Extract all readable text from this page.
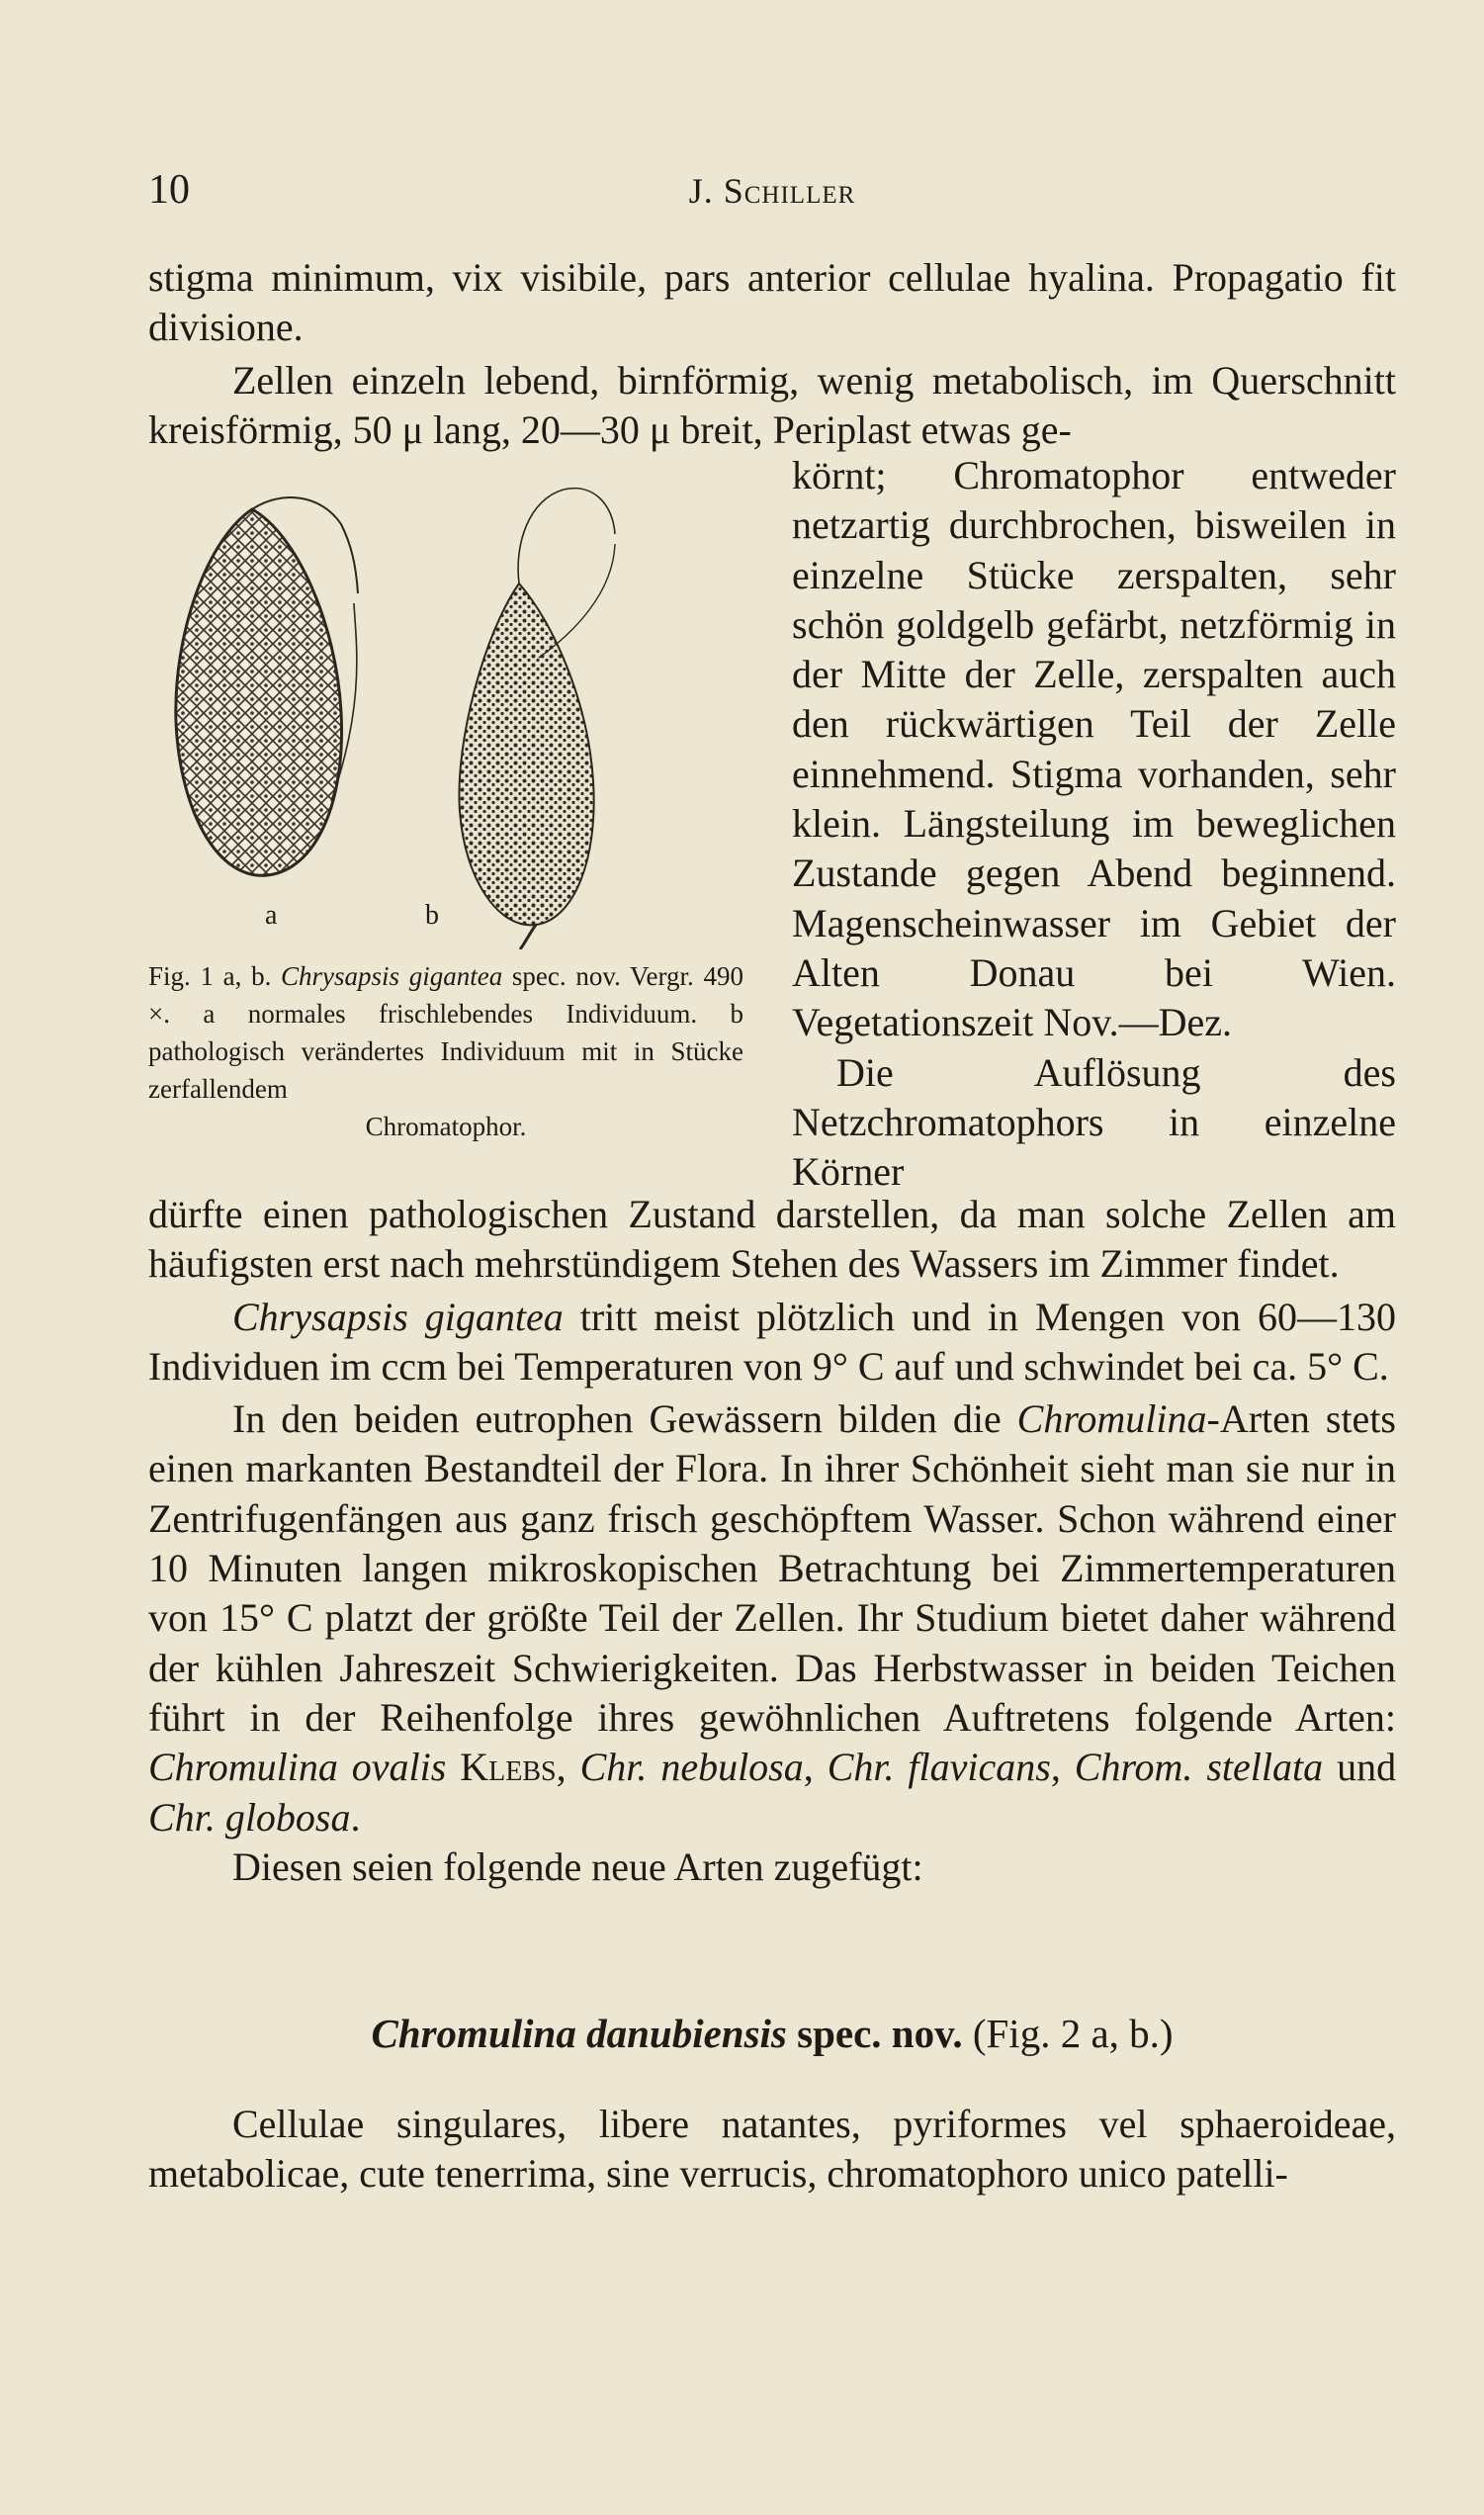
10	J. Schiller

stigma minimum, vix visibile, pars anterior cellulae hyalina. Propagatio fit divisione.

Zellen einzeln lebend, birnförmig, wenig metabolisch, im Querschnitt kreisförmig, 50 μ lang, 20—30 μ breit, Periplast etwas ge-

a	b

Fig. 1 a, b. Chrysapsis gigantea spec. nov. Vergr. 490 ×. a normales frischlebendes Individuum. b pathologisch verändertes Individuum mit in Stücke zerfallendem

Chromatophor.

körnt; Chromatophor entweder netzartig durchbrochen, bisweilen in einzelne Stücke zerspalten, sehr schön goldgelb gefärbt, netzförmig in der Mitte der Zelle, zerspalten auch den rückwärtigen Teil der Zelle einnehmend. Stigma vorhanden, sehr klein. Längsteilung im beweglichen Zustande gegen Abend beginnend. Magenscheinwasser im Gebiet der Alten Donau bei Wien. Vegetationszeit Nov.—Dez.

Die Auflösung des Netzchromatophors in einzelne Körner

dürfte einen pathologischen Zustand darstellen, da man solche Zellen am häufigsten erst nach mehrstündigem Stehen des Wassers im Zimmer findet.

Chrysapsis gigantea tritt meist plötzlich und in Mengen von 60—130 Individuen im ccm bei Temperaturen von 9° C auf und schwindet bei ca. 5° C.

In den beiden eutrophen Gewässern bilden die Chromulina-Arten stets einen markanten Bestandteil der Flora. In ihrer Schönheit sieht man sie nur in Zentrifugenfängen aus ganz frisch geschöpftem Wasser. Schon während einer 10 Minuten langen mikroskopischen Betrachtung bei Zimmertemperaturen von 15° C platzt der größte Teil der Zellen. Ihr Studium bietet daher während der kühlen Jahreszeit Schwierigkeiten. Das Herbstwasser in beiden Teichen führt in der Reihenfolge ihres gewöhnlichen Auftretens folgende Arten: Chromulina ovalis Klebs, Chr. nebulosa, Chr. flavicans, Chrom. stellata und Chr. globosa.

Diesen seien folgende neue Arten zugefügt:

Chromulina danubiensis spec. nov. (Fig. 2 a, b.)

Cellulae singulares, libere natantes, pyriformes vel sphaeroideae, metabolicae, cute tenerrima, sine verrucis, chromatophoro unico patelli-
